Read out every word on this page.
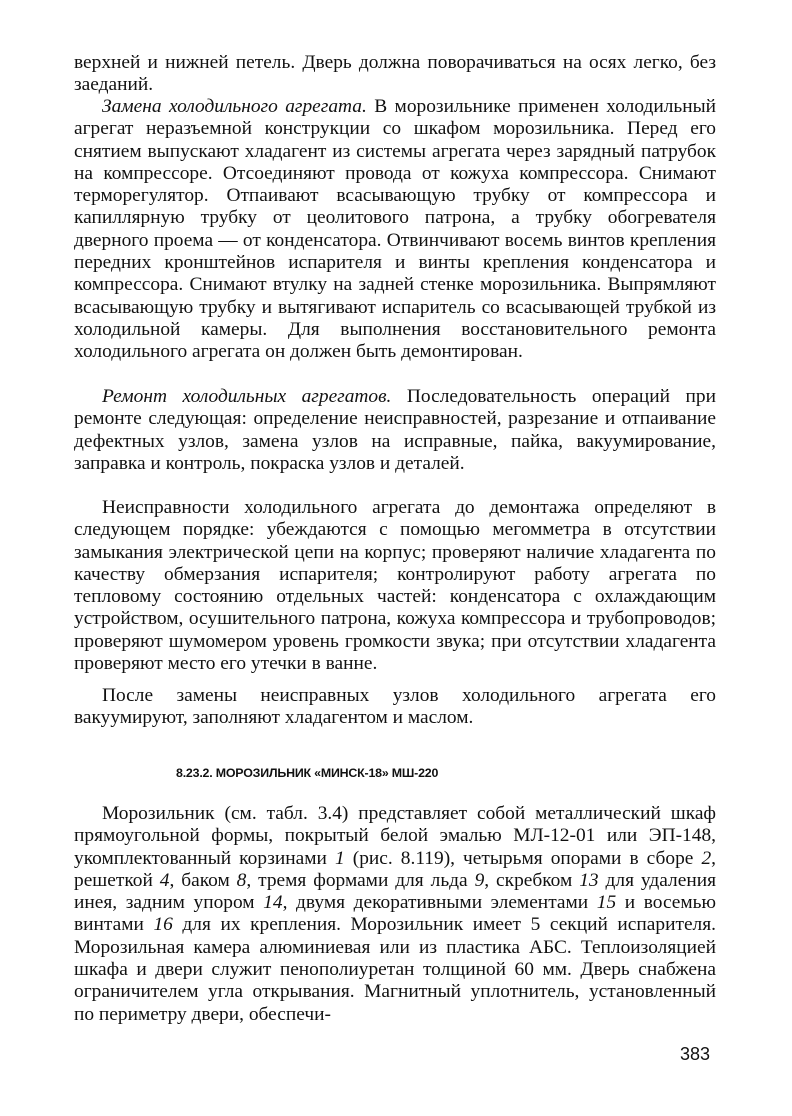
верхней и нижней петель. Дверь должна поворачиваться на осях легко, без заеданий.

Замена холодильного агрегата. В морозильнике применен холодильный агрегат неразъемной конструкции со шкафом морозильника. Перед его снятием выпускают хладагент из системы агрегата через зарядный патрубок на компрессоре. Отсоединяют провода от кожуха компрессора. Снимают терморегулятор. Отпаивают всасывающую трубку от компрессора и капиллярную трубку от цеолитового патрона, а трубку обогревателя дверного проема — от конденсатора. Отвинчивают восемь винтов крепления передних кронштейнов испарителя и винты крепления конденсатора и компрессора. Снимают втулку на задней стенке морозильника. Выпрямляют всасывающую трубку и вытягивают испаритель со всасывающей трубкой из холодильной камеры. Для выполнения восстановительного ремонта холодильного агрегата он должен быть демонтирован.

Ремонт холодильных агрегатов. Последовательность операций при ремонте следующая: определение неисправностей, разрезание и отпаивание дефектных узлов, замена узлов на исправные, пайка, вакуумирование, заправка и контроль, покраска узлов и деталей.

Неисправности холодильного агрегата до демонтажа определяют в следующем порядке: убеждаются с помощью мегомметра в отсутствии замыкания электрической цепи на корпус; проверяют наличие хладагента по качеству обмерзания испарителя; контролируют работу агрегата по тепловому состоянию отдельных частей: конденсатора с охлаждающим устройством, осушительного патрона, кожуха компрессора и трубопроводов; проверяют шумомером уровень громкости звука; при отсутствии хладагента проверяют место его утечки в ванне.

После замены неисправных узлов холодильного агрегата его вакуумируют, заполняют хладагентом и маслом.

8.23.2. МОРОЗИЛЬНИК «МИНСК-18» МШ-220

Морозильник (см. табл. 3.4) представляет собой металлический шкаф прямоугольной формы, покрытый белой эмалью МЛ-12-01 или ЭП-148, укомплектованный корзинами 1 (рис. 8.119), четырьмя опорами в сборе 2, решеткой 4, баком 8, тремя формами для льда 9, скребком 13 для удаления инея, задним упором 14, двумя декоративными элементами 15 и восемью винтами 16 для их крепления. Морозильник имеет 5 секций испарителя. Морозильная камера алюминиевая или из пластика АБС. Теплоизоляцией шкафа и двери служит пенополиуретан толщиной 60 мм. Дверь снабжена ограничителем угла открывания. Магнитный уплотнитель, установленный по периметру двери, обеспечи-

383
